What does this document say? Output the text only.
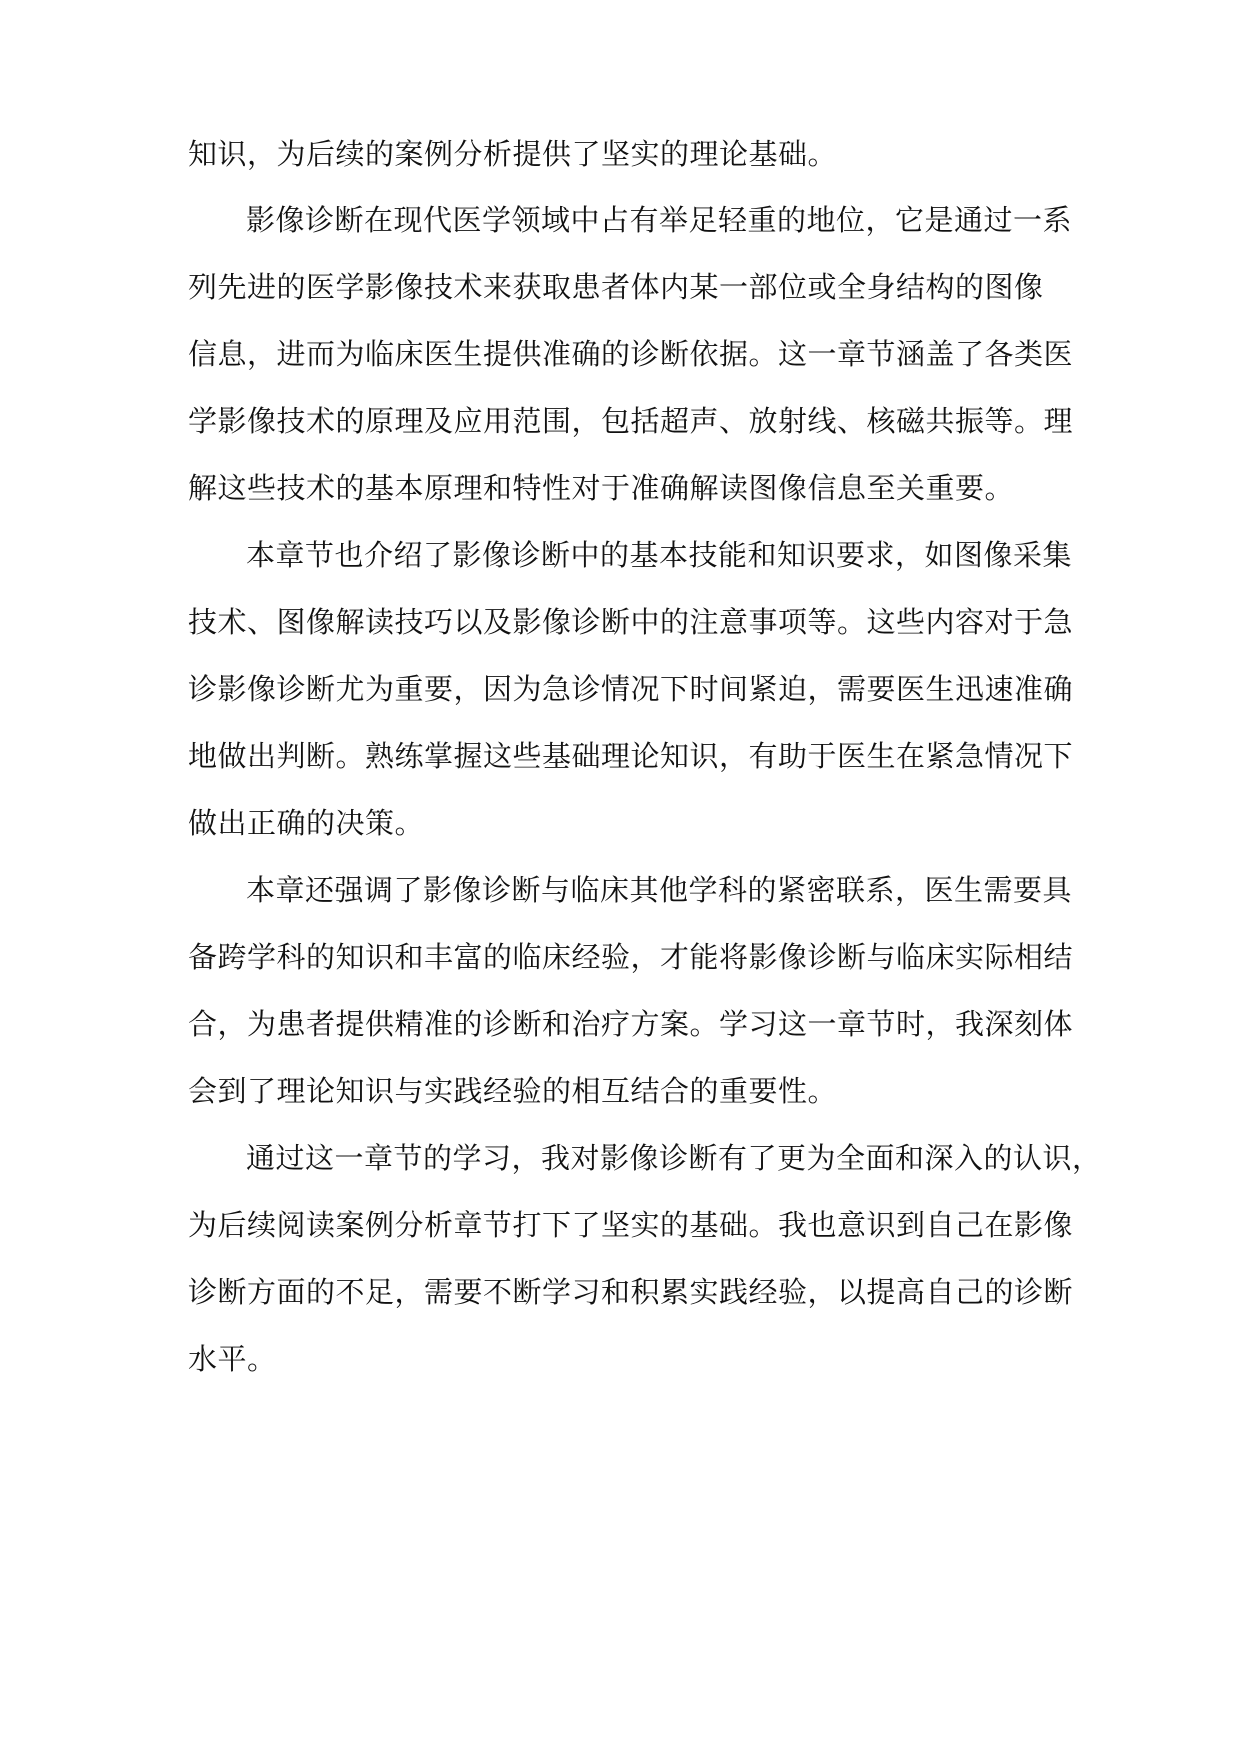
知识，为后续的案例分析提供了坚实的理论基础。
影像诊断在现代医学领域中占有举足轻重的地位，它是通过一系
列先进的医学影像技术来获取患者体内某一部位或全身结构的图像
信息，进而为临床医生提供准确的诊断依据。这一章节涵盖了各类医
学影像技术的原理及应用范围，包括超声、放射线、核磁共振等。理
解这些技术的基本原理和特性对于准确解读图像信息至关重要。
本章节也介绍了影像诊断中的基本技能和知识要求，如图像采集
技术、图像解读技巧以及影像诊断中的注意事项等。这些内容对于急
诊影像诊断尤为重要，因为急诊情况下时间紧迫，需要医生迅速准确
地做出判断。熟练掌握这些基础理论知识，有助于医生在紧急情况下
做出正确的决策。
本章还强调了影像诊断与临床其他学科的紧密联系，医生需要具
备跨学科的知识和丰富的临床经验，才能将影像诊断与临床实际相结
合，为患者提供精准的诊断和治疗方案。学习这一章节时，我深刻体
会到了理论知识与实践经验的相互结合的重要性。
通过这一章节的学习，我对影像诊断有了更为全面和深入的认识，
为后续阅读案例分析章节打下了坚实的基础。我也意识到自己在影像
诊断方面的不足，需要不断学习和积累实践经验，以提高自己的诊断
水平。
